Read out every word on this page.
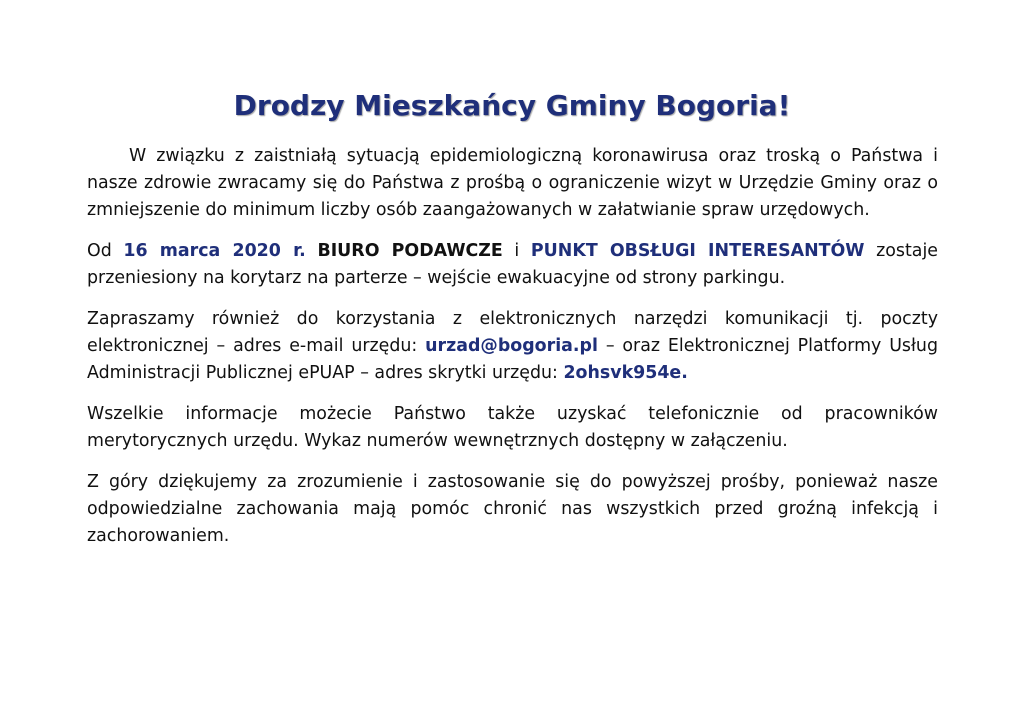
Drodzy Mieszkańcy Gminy Bogoria!

W związku z zaistniałą sytuacją epidemiologiczną koronawirusa oraz troską o Państwa i nasze zdrowie zwracamy się do Państwa z prośbą o ograniczenie wizyt w Urzędzie Gminy oraz o zmniejszenie do minimum liczby osób zaangażowanych w załatwianie spraw urzędowych.

Od 16 marca 2020 r. BIURO PODAWCZE i PUNKT OBSŁUGI INTERESANTÓW zostaje przeniesiony na korytarz na parterze – wejście ewakuacyjne od strony parkingu.

Zapraszamy również do korzystania z elektronicznych narzędzi komunikacji tj. poczty elektronicznej – adres e-mail urzędu: urzad@bogoria.pl – oraz Elektronicznej Platformy Usług Administracji Publicznej ePUAP – adres skrytki urzędu: 2ohsvk954e.

Wszelkie informacje możecie Państwo także uzyskać telefonicznie od pracowników merytorycznych urzędu. Wykaz numerów wewnętrznych dostępny w załączeniu.

Z góry dziękujemy za zrozumienie i zastosowanie się do powyższej prośby, ponieważ nasze odpowiedzialne zachowania mają pomóc chronić nas wszystkich przed groźną infekcją i zachorowaniem.
